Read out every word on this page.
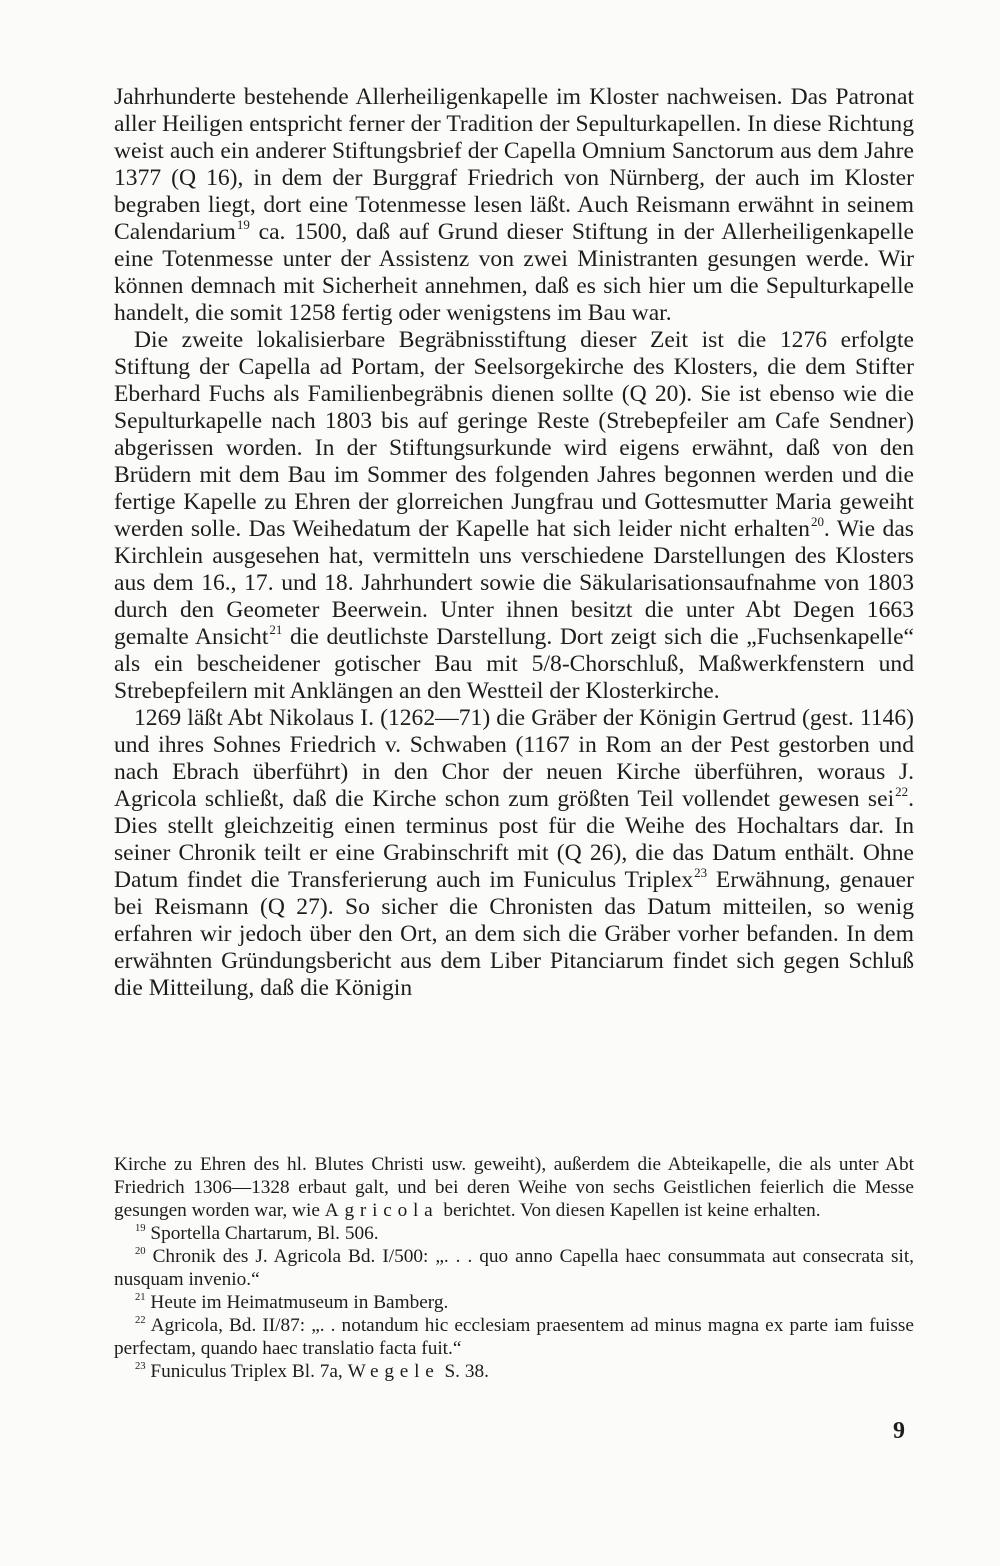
Jahrhunderte bestehende Allerheiligenkapelle im Kloster nachweisen. Das Patronat aller Heiligen entspricht ferner der Tradition der Sepulturkapellen. In diese Richtung weist auch ein anderer Stiftungsbrief der Capella Omnium Sanctorum aus dem Jahre 1377 (Q 16), in dem der Burggraf Friedrich von Nürnberg, der auch im Kloster begraben liegt, dort eine Totenmesse lesen läßt. Auch Reismann erwähnt in seinem Calendarium$^{19}$ ca. 1500, daß auf Grund dieser Stiftung in der Allerheiligenkapelle eine Totenmesse unter der Assistenz von zwei Ministranten gesungen werde. Wir können demnach mit Sicherheit annehmen, daß es sich hier um die Sepulturkapelle handelt, die somit 1258 fertig oder wenigstens im Bau war.

Die zweite lokalisierbare Begräbnisstiftung dieser Zeit ist die 1276 erfolgte Stiftung der Capella ad Portam, der Seelsorgekirche des Klosters, die dem Stifter Eberhard Fuchs als Familienbegräbnis dienen sollte (Q 20). Sie ist ebenso wie die Sepulturkapelle nach 1803 bis auf geringe Reste (Strebepfeiler am Cafe Sendner) abgerissen worden. In der Stiftungsurkunde wird eigens erwähnt, daß von den Brüdern mit dem Bau im Sommer des folgenden Jahres begonnen werden und die fertige Kapelle zu Ehren der glorreichen Jungfrau und Gottesmutter Maria geweiht werden solle. Das Weihedatum der Kapelle hat sich leider nicht erhalten$^{20}$. Wie das Kirchlein ausgesehen hat, vermitteln uns verschiedene Darstellungen des Klosters aus dem 16., 17. und 18. Jahrhundert sowie die Säkularisationsaufnahme von 1803 durch den Geometer Beerwein. Unter ihnen besitzt die unter Abt Degen 1663 gemalte Ansicht$^{21}$ die deutlichste Darstellung. Dort zeigt sich die „Fuchsenkapelle“ als ein bescheidener gotischer Bau mit 5/8-Chorschluß, Maßwerkfenstern und Strebepfeilern mit Anklängen an den Westteil der Klosterkirche.

1269 läßt Abt Nikolaus I. (1262—71) die Gräber der Königin Gertrud (gest. 1146) und ihres Sohnes Friedrich v. Schwaben (1167 in Rom an der Pest gestorben und nach Ebrach überführt) in den Chor der neuen Kirche überführen, woraus J. Agricola schließt, daß die Kirche schon zum größten Teil vollendet gewesen sei$^{22}$. Dies stellt gleichzeitig einen terminus post für die Weihe des Hochaltars dar. In seiner Chronik teilt er eine Grabinschrift mit (Q 26), die das Datum enthält. Ohne Datum findet die Transferierung auch im Funiculus Triplex$^{23}$ Erwähnung, genauer bei Reismann (Q 27). So sicher die Chronisten das Datum mitteilen, so wenig erfahren wir jedoch über den Ort, an dem sich die Gräber vorher befanden. In dem erwähnten Gründungsbericht aus dem Liber Pitanciarum findet sich gegen Schluß die Mitteilung, daß die Königin

Kirche zu Ehren des hl. Blutes Christi usw. geweiht), außerdem die Abteikapelle, die als unter Abt Friedrich 1306—1328 erbaut galt, und bei deren Weihe von sechs Geistlichen feierlich die Messe gesungen worden war, wie Agricola berichtet. Von diesen Kapellen ist keine erhalten.

$^{19}$ Sportella Chartarum, Bl. 506.

$^{20}$ Chronik des J. Agricola Bd. I/500: „. . . quo anno Capella haec consummata aut consecrata sit, nusquam invenio.“

$^{21}$ Heute im Heimatmuseum in Bamberg.

$^{22}$ Agricola, Bd. II/87: „. . notandum hic ecclesiam praesentem ad minus magna ex parte iam fuisse perfectam, quando haec translatio facta fuit.“

$^{23}$ Funiculus Triplex Bl. 7a, Wegele S. 38.

9
